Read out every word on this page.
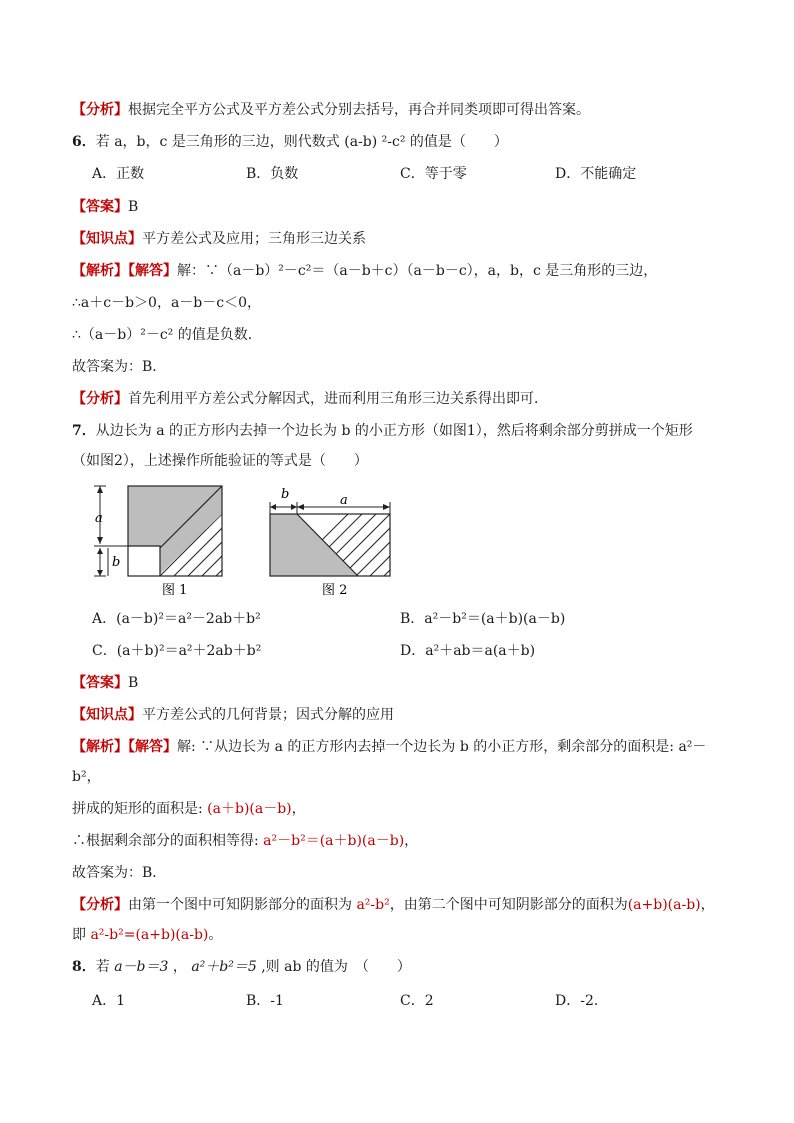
【分析】根据完全平方公式及平方差公式分别去括号，再合并同类项即可得出答案。
6．若 a，b，c 是三角形的三边，则代数式 (a-b) ²-c² 的值是（　　）
A．正数	B．负数	C．等于零	D．不能确定
【答案】B
【知识点】平方差公式及应用；三角形三边关系
【解析】【解答】解：∵（a－b）²－c²＝（a－b＋c）（a－b－c），a，b，c 是三角形的三边，
∴a＋c－b＞0，a－b－c＜0，
∴（a－b）²－c² 的值是负数．
故答案为：B．
【分析】首先利用平方差公式分解因式，进而利用三角形三边关系得出即可．
7．从边长为 a 的正方形内去掉一个边长为 b 的小正方形（如图1），然后将剩余部分剪拼成一个矩形
（如图2），上述操作所能验证的等式是（　　）
a
b
图 1
b	a
图 2
A．(a－b)²＝a²－2ab＋b²	B．a²－b²＝(a＋b)(a－b)
C．(a＋b)²＝a²＋2ab＋b²	D．a²＋ab＝a(a＋b)
【答案】B
【知识点】平方差公式的几何背景；因式分解的应用
【解析】【解答】解: ∵从边长为 a 的正方形内去掉一个边长为 b 的小正方形，剩余部分的面积是: a²－
b²，
拼成的矩形的面积是: (a＋b)(a－b)，
∴根据剩余部分的面积相等得: a²－b²＝(a＋b)(a－b)，
故答案为：B．
【分析】由第一个图中可知阴影部分的面积为 a²-b²，由第二个图中可知阴影部分的面积为(a+b)(a-b)，
即 a²-b²=(a+b)(a-b)。
8．若 a－b＝3 ， a²＋b²＝5 ,则 ab 的值为　（　　）
A．1	B．-1	C．2	D．-2．
